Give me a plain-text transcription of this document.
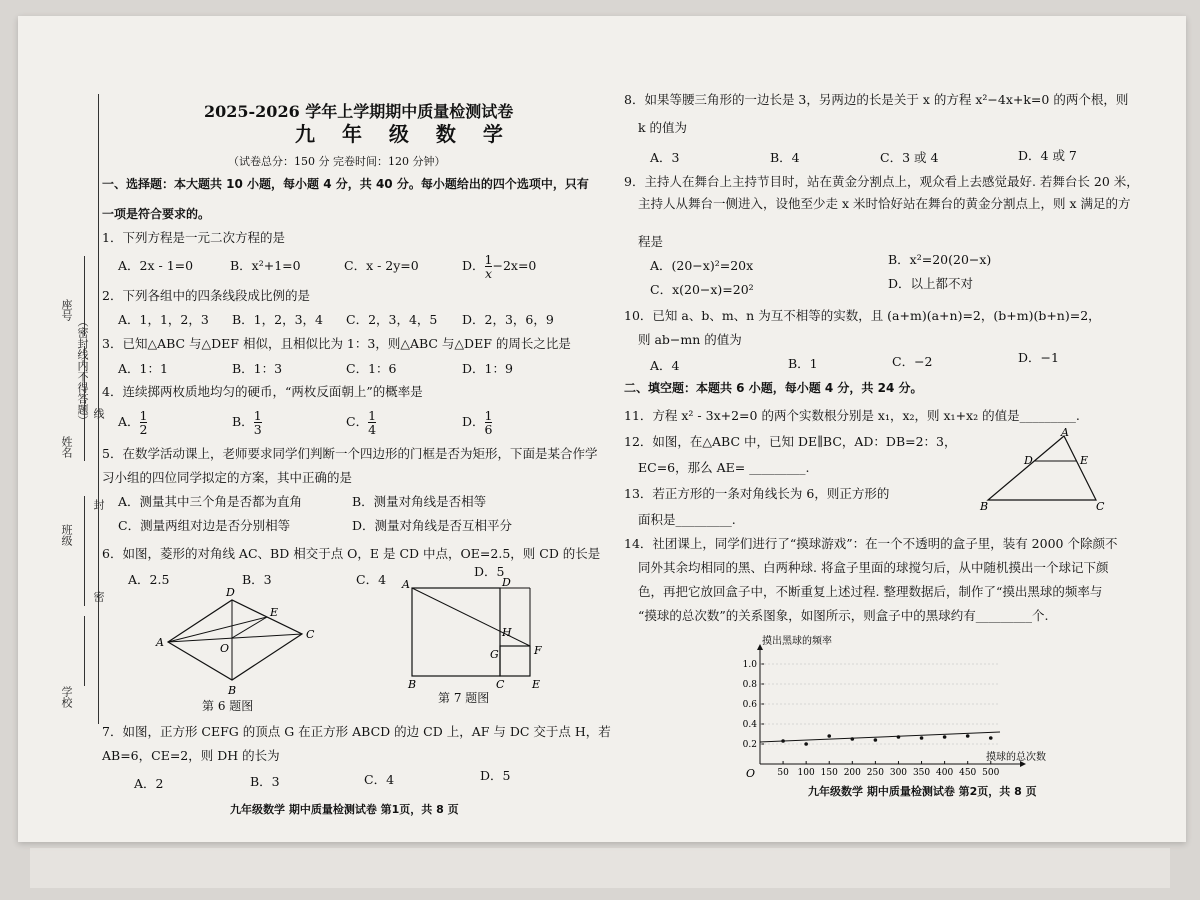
座号
（密封线内不得答题） 线
姓名
封
班级
密
学校
2025-2026 学年上学期期中质量检测试卷
九 年 级 数 学
（试卷总分：150 分 完卷时间：120 分钟）
一、选择题：本大题共 10 小题，每小题 4 分，共 40 分。每小题给出的四个选项中，只有
一项是符合要求的。
1．下列方程是一元二次方程的是
A．2x - 1=0	B．x²+1=0	C．x - 2y=0	D． $\frac{1}{x} -2x=0$
2．下列各组中的四条线段成比例的是
A．1，1，2，3 B．1，2，3，4 C．2，3，4，5 D．2，3，6，9
3．已知△ABC 与△DEF 相似，且相似比为 1：3，则△ABC 与△DEF 的周长之比是
A．1：1	B．1：3	C．1：6	D．1：9
4．连续掷两枚质地均匀的硬币，“两枚反面朝上”的概率是
A． $\frac{1}{2}$	B． $\frac{1}{3}$	C． $\frac{1}{4}$	D． $\frac{1}{6}$
5．在数学活动课上，老师要求同学们判断一个四边形的门框是否为矩形，下面是某合作学
习小组的四位同学拟定的方案，其中正确的是
A．测量其中三个角是否都为直角	B．测量对角线是否相等
C．测量两组对边是否分别相等	D．测量对角线是否互相平分
6．如图，菱形的对角线 AC、BD 相交于点 O，E 是 CD 中点，OE=2.5，则 CD 的长是
A．2.5	B．3	C．4
D．5
A
D
E
C
O
B
第 6 题图
A	D
H
G	F
B	C	E
第 7 题图
7．如图，正方形 CEFG 的顶点 G 在正方形 ABCD 的边 CD 上，AF 与 DC 交于点 H，若
AB=6，CE=2，则 DH 的长为
A．2	B．3	C．4	D．5
九年级数学 期中质量检测试卷 第1页，共 8 页
8．如果等腰三角形的一边长是 3，另两边的长是关于 x 的方程 x²−4x+k=0 的两个根，则
k 的值为
A．3	B．4	C．3 或 4	D．4 或 7
9．主持人在舞台上主持节目时，站在黄金分割点上，观众看上去感觉最好. 若舞台长 20 米，
主持人从舞台一侧进入，设他至少走 x 米时恰好站在舞台的黄金分割点上，则 x 满足的方
程是
A．(20−x)²=20x	B．x²=20(20−x)
C．x(20−x)=20²	D．以上都不对
10．已知 a、b、m、n 为互不相等的实数，且 (a+m)(a+n)=2，(b+m)(b+n)=2，
则 ab−mn 的值为
A．4	B．1	C．−2	D．−1
二、填空题：本题共 6 小题，每小题 4 分，共 24 分。
11．方程 x² - 3x+2=0 的两个实数根分别是 x₁，x₂，则 x₁+x₂ 的值是_________.
12．如图，在△ABC 中，已知 DE∥BC，AD：DB=2：3，
EC=6，那么 AE= _________.
13．若正方形的一条对角线长为 6，则正方形的
面积是_________.
A
D	E
B	C
14．社团课上，同学们进行了“摸球游戏”：在一个不透明的盒子里，装有 2000 个除颜不
同外其余均相同的黑、白两种球. 将盒子里面的球搅匀后，从中随机摸出一个球记下颜
色，再把它放回盒子中，不断重复上述过程. 整理数据后，制作了“摸出黑球的频率与
“摸球的总次数”的关系图象，如图所示，则盒子中的黑球约有_________个.
0.2
0.4
0.6
0.8
1.0
50 100 150 200 250 300 350 400 450 500
摸出黑球的频率
摸球的总次数
O
九年级数学 期中质量检测试卷 第2页，共 8 页
